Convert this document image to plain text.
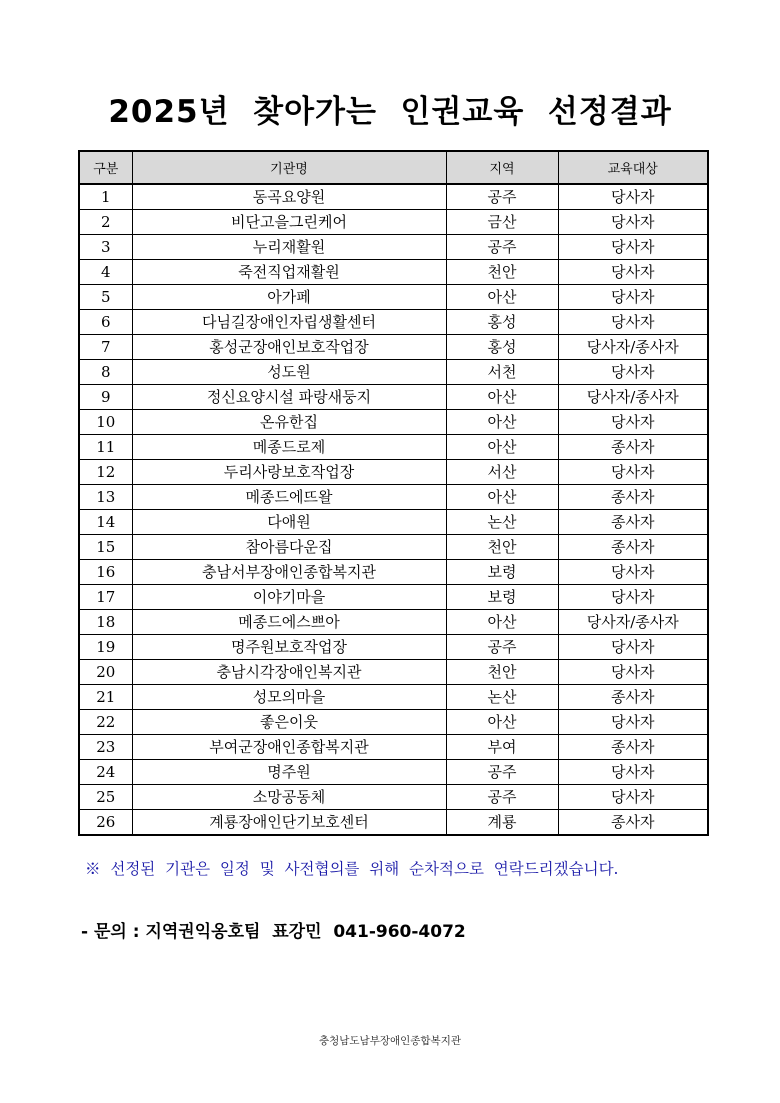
2025년  찾아가는  인권교육  선정결과
구분	기관명	지역	교육대상
1	동곡요양원	공주	당사자
2	비단고을그린케어	금산	당사자
3	누리재활원	공주	당사자
4	죽전직업재활원	천안	당사자
5	아가페	아산	당사자
6	다님길장애인자립생활센터	홍성	당사자
7	홍성군장애인보호작업장	홍성	당사자/종사자
8	성도원	서천	당사자
9	정신요양시설 파랑새둥지	아산	당사자/종사자
10	온유한집	아산	당사자
11	메종드로제	아산	종사자
12	두리사랑보호작업장	서산	당사자
13	메종드에뜨왈	아산	종사자
14	다애원	논산	종사자
15	참아름다운집	천안	종사자
16	충남서부장애인종합복지관	보령	당사자
17	이야기마을	보령	당사자
18	메종드에스쁘아	아산	당사자/종사자
19	명주원보호작업장	공주	당사자
20	충남시각장애인복지관	천안	당사자
21	성모의마을	논산	종사자
22	좋은이웃	아산	당사자
23	부여군장애인종합복지관	부여	종사자
24	명주원	공주	당사자
25	소망공동체	공주	당사자
26	계룡장애인단기보호센터	계룡	종사자
※  선정된  기관은  일정  및  사전협의를  위해  순차적으로  연락드리겠습니다.
- 문의 : 지역권익옹호팀  표강민  041-960-4072
충청남도남부장애인종합복지관
